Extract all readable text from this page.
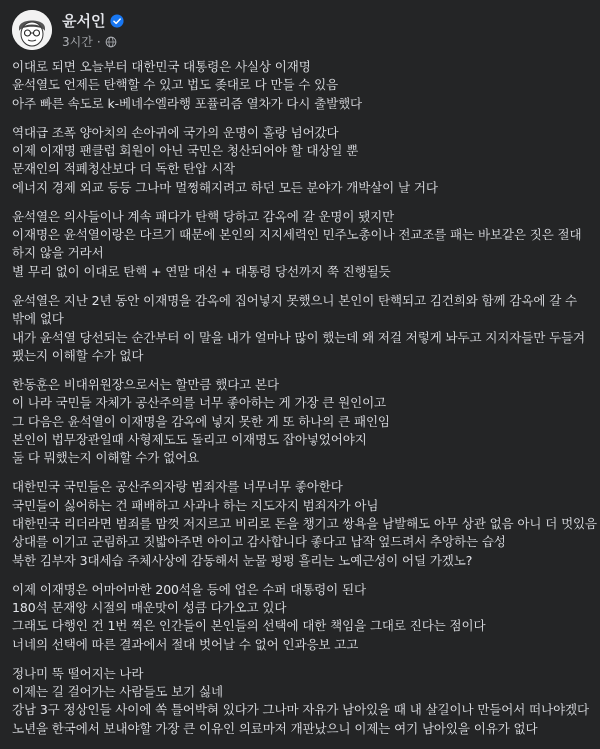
윤서인
3시간 ·
이대로 되면 오늘부터 대한민국 대통령은 사실상 이재명
윤석열도 언제든 탄핵할 수 있고 법도 좆대로 다 만들 수 있음
아주 빠른 속도로 k-베네수엘라행 포퓰리즘 열차가 다시 출발했다
역대급 조폭 양아치의 손아귀에 국가의 운명이 홀랑 넘어갔다
이제 이재명 팬클럽 회원이 아닌 국민은 청산되어야 할 대상일 뿐
문재인의 적폐청산보다 더 독한 탄압 시작
에너지 경제 외교 등등 그나마 멀쩡해지려고 하던 모든 분야가 개박살이 날 거다
윤석열은 의사들이나 계속 패다가 탄핵 당하고 감옥에 갈 운명이 됐지만
이재명은 윤석열이랑은 다르기 때문에 본인의 지지세력인 민주노총이나 전교조를 패는 바보같은 짓은 절대 하지 않을 거라서
별 무리 없이 이대로 탄핵 + 연말 대선 + 대통령 당선까지 쭉 진행될듯
윤석열은 지난 2년 동안 이재명을 감옥에 집어넣지 못했으니 본인이 탄핵되고 김건희와 함께 감옥에 갈 수 밖에 없다
내가 윤석열 당선되는 순간부터 이 말을 내가 얼마나 많이 했는데 왜 저걸 저렇게 놔두고 지지자들만 두들겨팼는지 이해할 수가 없다
한동훈은 비대위원장으로서는 할만큼 했다고 본다
이 나라 국민들 자체가 공산주의를 너무 좋아하는 게 가장 큰 원인이고
그 다음은 윤석열이 이재명을 감옥에 넣지 못한 게 또 하나의 큰 패인임
본인이 법무장관일때 사형제도도 돌리고 이재명도 잡아넣었어야지
둘 다 뭐했는지 이해할 수가 없어요
대한민국 국민들은 공산주의자랑 범죄자를 너무너무 좋아한다
국민들이 싫어하는 건 패배하고 사과나 하는 지도자지 범죄자가 아님
대한민국 리더라면 범죄를 맘껏 저지르고 비리로 돈을 챙기고 쌍욕을 남발해도 아무 상관 없음 아니 더 멋있음
상대를 이기고 군림하고 짓밟아주면 아이고 감사합니다 좋다고 납작 엎드려서 추앙하는 습성
북한 김부자 3대세습 주체사상에 감동해서 눈물 펑펑 흘리는 노예근성이 어딜 가겠노?
이제 이재명은 어마어마한 200석을 등에 업은 수퍼 대통령이 된다
180석 문재앙 시절의 매운맛이 성큼 다가오고 있다
그래도 다행인 건 1번 찍은 인간들이 본인들의 선택에 대한 책임을 그대로 진다는 점이다
너네의 선택에 따른 결과에서 절대 벗어날 수 없어 인과응보 고고
정나미 뚝 떨어지는 나라
이제는 길 걸어가는 사람들도 보기 싫네
강남 3구 정상인들 사이에 쏙 틀어박혀 있다가 그나마 자유가 남아있을 때 내 살길이나 만들어서 떠나야겠다
노년을 한국에서 보내야할 가장 큰 이유인 의료마저 개판났으니 이제는 여기 남아있을 이유가 없다
